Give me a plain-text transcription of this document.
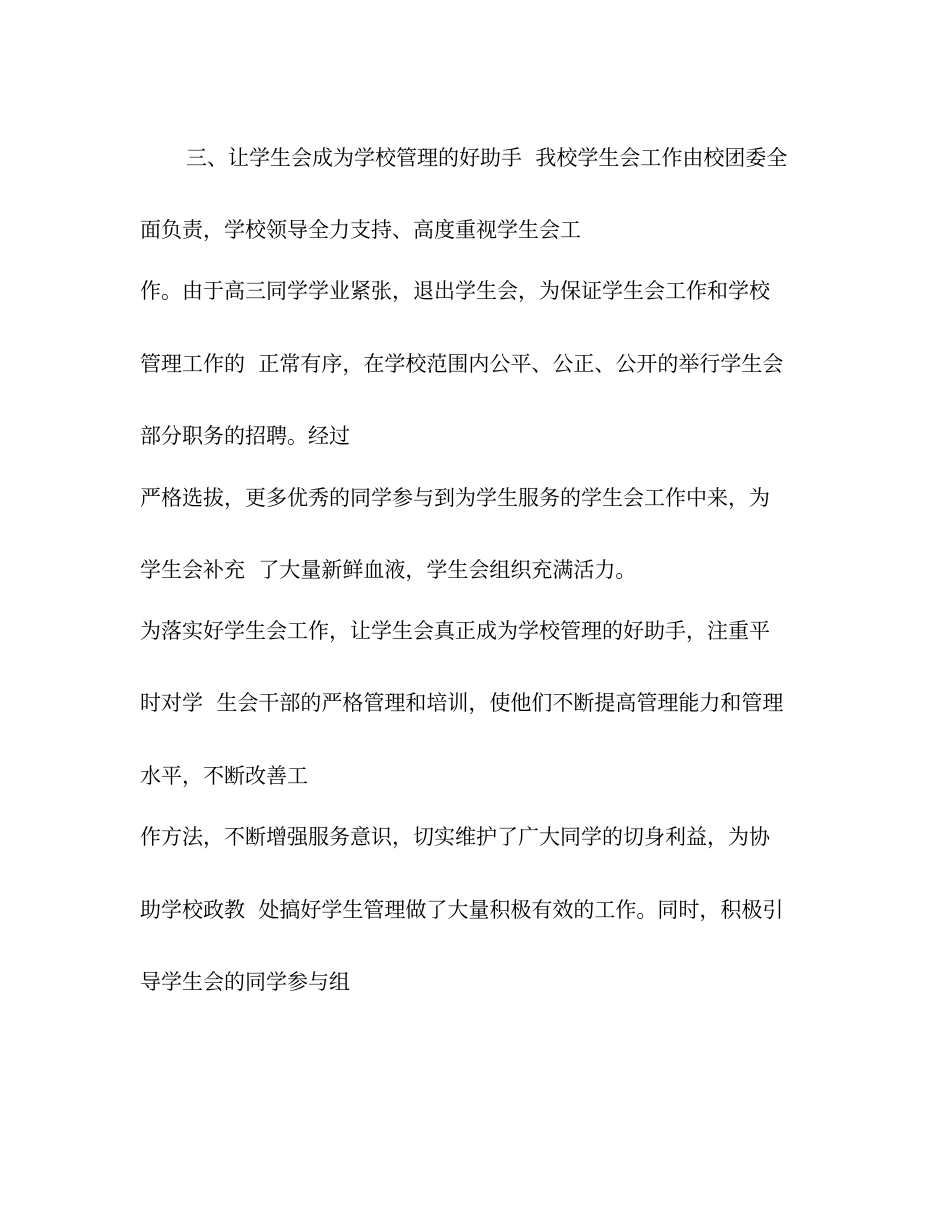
三、让学生会成为学校管理的好助手  我校学生会工作由校团委全
面负责，学校领导全力支持、高度重视学生会工
作。由于高三同学学业紧张，退出学生会，为保证学生会工作和学校
管理工作的  正常有序，在学校范围内公平、公正、公开的举行学生会
部分职务的招聘。经过
严格选拔，更多优秀的同学参与到为学生服务的学生会工作中来，为
学生会补充  了大量新鲜血液，学生会组织充满活力。
为落实好学生会工作，让学生会真正成为学校管理的好助手，注重平
时对学  生会干部的严格管理和培训，使他们不断提高管理能力和管理
水平，不断改善工
作方法，不断增强服务意识，切实维护了广大同学的切身利益，为协
助学校政教  处搞好学生管理做了大量积极有效的工作。同时，积极引
导学生会的同学参与组
